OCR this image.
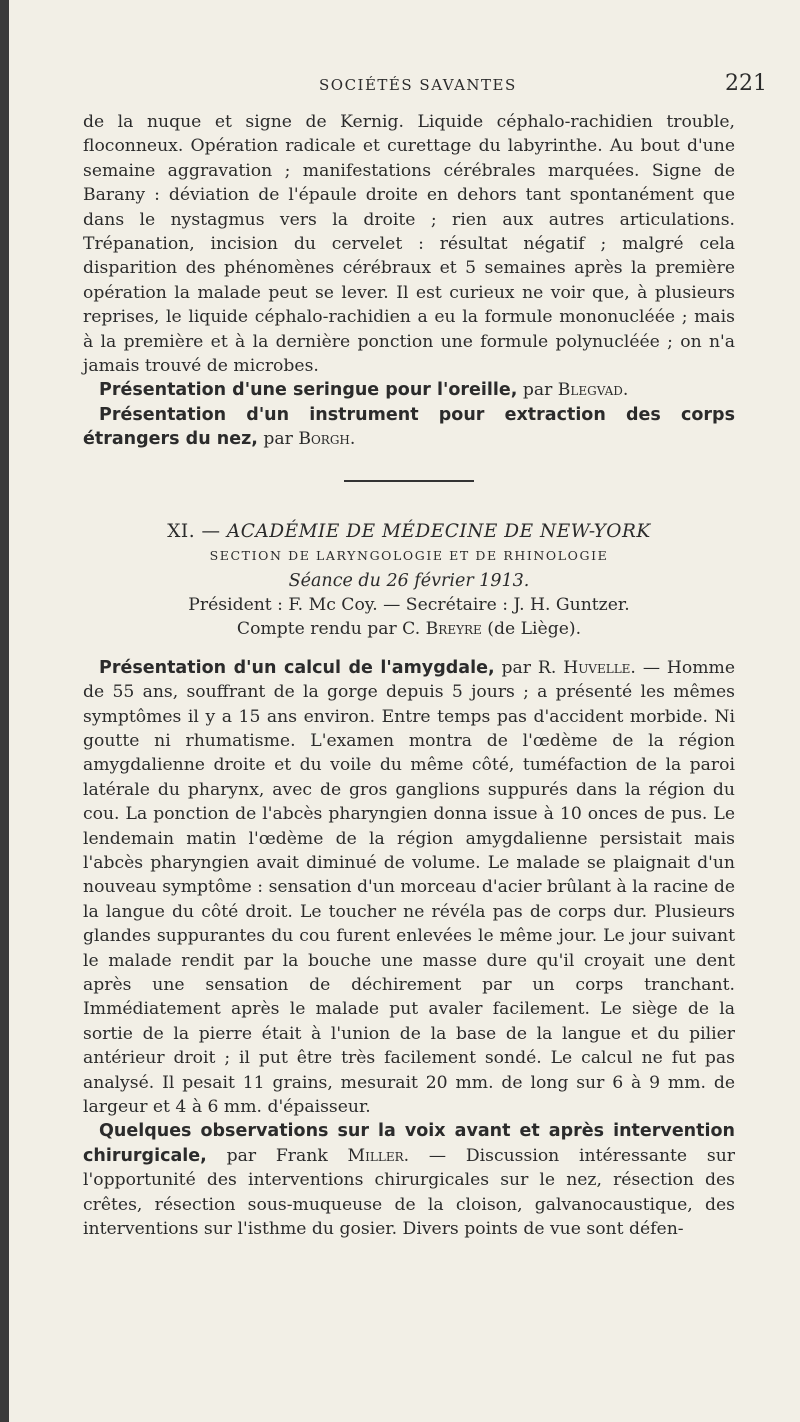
SOCIÉTÉS SAVANTES	221

de la nuque et signe de Kernig. Liquide céphalo-rachidien trouble, floconneux. Opération radicale et curettage du labyrinthe. Au bout d'une semaine aggravation ; manifestations cérébrales marquées. Signe de Barany : déviation de l'épaule droite en dehors tant spontanément que dans le nystagmus vers la droite ; rien aux autres articulations. Trépanation, incision du cervelet : résultat négatif ; malgré cela disparition des phénomènes cérébraux et 5 semaines après la première opération la malade peut se lever. Il est curieux ne voir que, à plusieurs reprises, le liquide céphalo-rachidien a eu la formule mononucléée ; mais à la première et à la dernière ponction une formule polynucléée ; on n'a jamais trouvé de microbes.

Présentation d'une seringue pour l'oreille, par Blegvad.

Présentation d'un instrument pour extraction des corps étrangers du nez, par Borgh.

XI. — ACADÉMIE DE MÉDECINE DE NEW-YORK

SECTION DE LARYNGOLOGIE ET DE RHINOLOGIE

Séance du 26 février 1913.

Président : F. Mc Coy. — Secrétaire : J. H. Guntzer.

Compte rendu par C. Breyre (de Liège).

Présentation d'un calcul de l'amygdale, par R. Huvelle. — Homme de 55 ans, souffrant de la gorge depuis 5 jours ; a présenté les mêmes symptômes il y a 15 ans environ. Entre temps pas d'accident morbide. Ni goutte ni rhumatisme. L'examen montra de l'œdème de la région amygdalienne droite et du voile du même côté, tuméfaction de la paroi latérale du pharynx, avec de gros ganglions suppurés dans la région du cou. La ponction de l'abcès pharyngien donna issue à 10 onces de pus. Le lendemain matin l'œdème de la région amygdalienne persistait mais l'abcès pharyngien avait diminué de volume. Le malade se plaignait d'un nouveau symptôme : sensation d'un morceau d'acier brûlant à la racine de la langue du côté droit. Le toucher ne révéla pas de corps dur. Plusieurs glandes suppurantes du cou furent enlevées le même jour. Le jour suivant le malade rendit par la bouche une masse dure qu'il croyait une dent après une sensation de déchirement par un corps tranchant. Immédiatement après le malade put avaler facilement. Le siège de la sortie de la pierre était à l'union de la base de la langue et du pilier antérieur droit ; il put être très facilement sondé. Le calcul ne fut pas analysé. Il pesait 11 grains, mesurait 20 mm. de long sur 6 à 9 mm. de largeur et 4 à 6 mm. d'épaisseur.

Quelques observations sur la voix avant et après intervention chirurgicale, par Frank Miller. — Discussion intéressante sur l'opportunité des interventions chirurgicales sur le nez, résection des crêtes, résection sous-muqueuse de la cloison, galvanocaustique, des interventions sur l'isthme du gosier. Divers points de vue sont défen-
